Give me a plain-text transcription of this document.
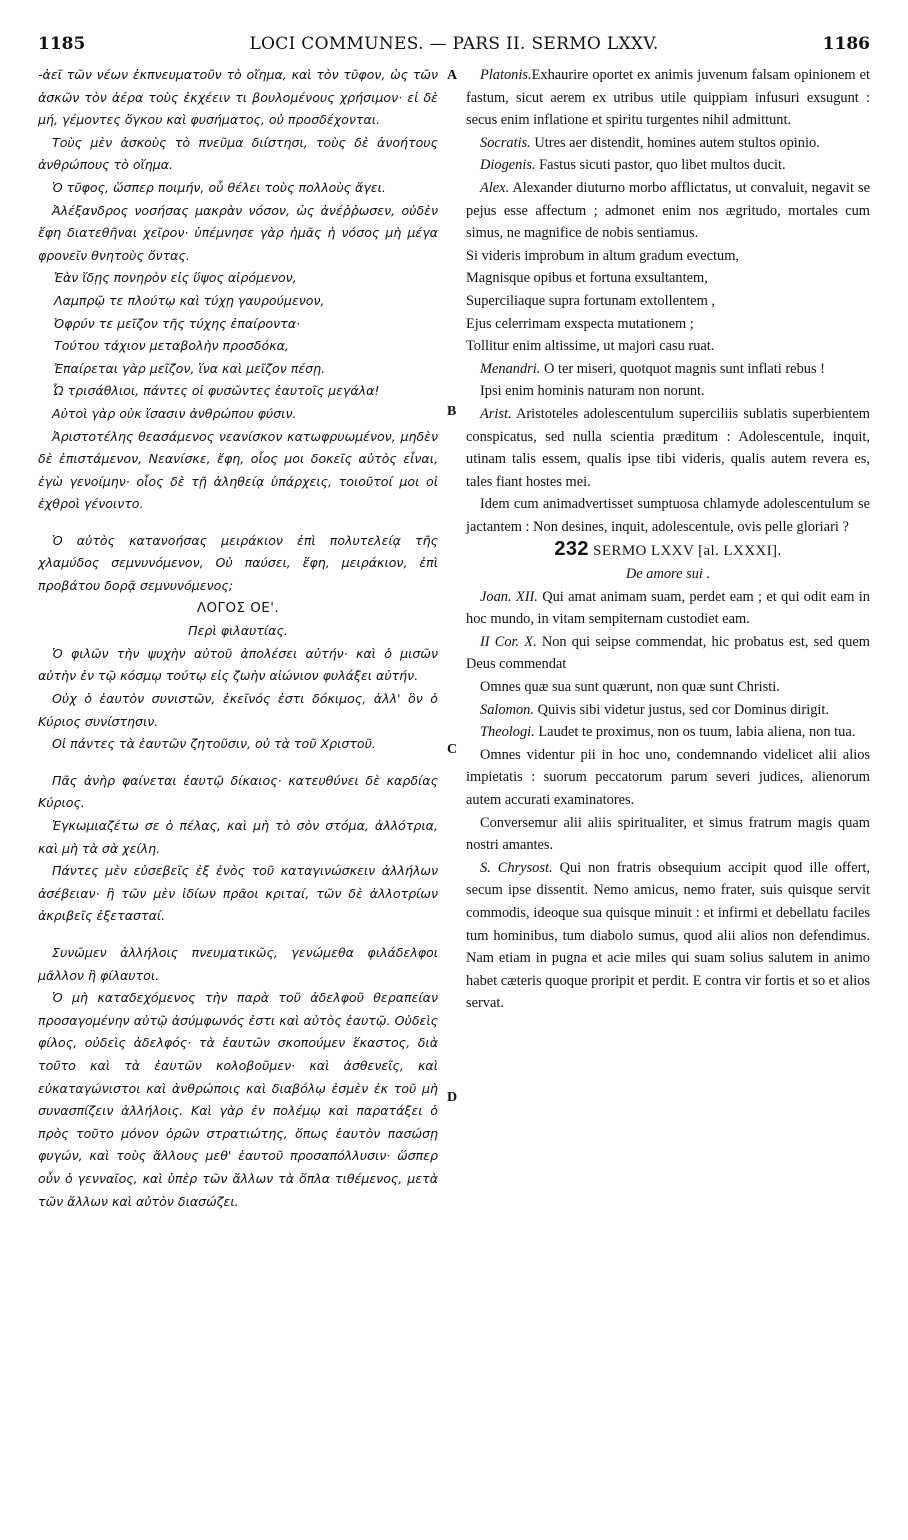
1185	LOCI COMMUNES. — PARS II. SERMO LXXV.	1186
A
B
C
D

-ἀεῖ τῶν νέων ἐκπνευματοῦν τὸ οἴημα, καὶ τὸν τῦφον, ὡς τῶν ἀσκῶν τὸν ἀέρα τοὺς ἐκχέειν τι βουλομένους χρήσιμον· εἰ δὲ μή, γέμοντες ὄγκου καὶ φυσήματος, οὐ προσδέχονται.

Τοὺς μὲν ἀσκοὺς τὸ πνεῦμα διίστησι, τοὺς δὲ ἀνοήτους ἀνθρώπους τὸ οἴημα.

Ὁ τῦφος, ὥσπερ ποιμήν, οὗ θέλει τοὺς πολλοὺς ἄγει.

Ἀλέξανδρος νοσήσας μακρὰν νόσον, ὡς ἀνέῤῥωσεν, οὐδὲν ἔφη διατεθῆναι χεῖρον· ὑπέμνησε γὰρ ἡμᾶς ἡ νόσος μὴ μέγα φρονεῖν θνητοὺς ὄντας.

Ἐὰν ἴδῃς πονηρὸν εἰς ὕψος αἰρόμενον,

Λαμπρῷ τε πλούτῳ καὶ τύχῃ γαυρούμενον,

Ὀφρύν τε μεῖζον τῆς τύχης ἐπαίροντα·

Τούτου τάχιον μεταβολὴν προσδόκα,

Ἐπαίρεται γὰρ μεῖζον, ἵνα καὶ μεῖζον πέσῃ.

Ὦ τρισάθλιοι, πάντες οἱ φυσῶντες ἑαυτοῖς μεγάλα!

Αὐτοὶ γὰρ οὐκ ἴσασιν ἀνθρώπου φύσιν.

Ἀριστοτέλης θεασάμενος νεανίσκον κατωφρυωμένον, μηδὲν δὲ ἐπιστάμενον, Νεανίσκε, ἔφη, οἷος μοι δοκεῖς αὐτὸς εἶναι, ἐγὼ γενοίμην· οἷος δὲ τῇ ἀληθείᾳ ὑπάρχεις, τοιοῦτοί μοι οἱ ἐχθροὶ γένοιντο.

Ὁ αὐτὸς κατανοήσας μειράκιον ἐπὶ πολυτελείᾳ τῆς χλαμύδος σεμνυνόμενον, Οὐ παύσει, ἔφη, μειράκιον, ἐπὶ προβάτου δορᾷ σεμνυνόμενος;

ΛΟΓΟΣ ΟΕ'.

Περὶ φιλαυτίας.

Ὁ φιλῶν τὴν ψυχὴν αὐτοῦ ἀπολέσει αὐτήν· καὶ ὁ μισῶν αὐτὴν ἐν τῷ κόσμῳ τούτῳ εἰς ζωὴν αἰώνιον φυλάξει αὐτήν.

Οὐχ ὁ ἑαυτὸν συνιστῶν, ἐκεῖνός ἐστι δόκιμος, ἀλλ' ὃν ὁ Κύριος συνίστησιν.

Οἱ πάντες τὰ ἑαυτῶν ζητοῦσιν, οὐ τὰ τοῦ Χριστοῦ.

Πᾶς ἀνὴρ φαίνεται ἑαυτῷ δίκαιος· κατευθύνει δὲ καρδίας Κύριος.

Ἐγκωμιαζέτω σε ὁ πέλας, καὶ μὴ τὸ σὸν στόμα, ἀλλότρια, καὶ μὴ τὰ σὰ χείλη.

Πάντες μὲν εὐσεβεῖς ἐξ ἑνὸς τοῦ καταγινώσκειν ἀλλήλων ἀσέβειαν· ἢ τῶν μὲν ἰδίων πρᾶοι κριταί, τῶν δὲ ἀλλοτρίων ἀκριβεῖς ἐξετασταί.

Συνῶμεν ἀλλήλοις πνευματικῶς, γενώμεθα φιλάδελφοι μᾶλλον ἢ φίλαυτοι.

Ὁ μὴ καταδεχόμενος τὴν παρὰ τοῦ ἀδελφοῦ θεραπείαν προσαγομένην αὐτῷ ἀσύμφωνός ἐστι καὶ αὐτὸς ἑαυτῷ. Οὐδεὶς φίλος, οὐδεὶς ἀδελφός· τὰ ἑαυτῶν σκοπούμεν ἕκαστος, διὰ τοῦτο καὶ τὰ ἑαυτῶν κολοβοῦμεν· καὶ ἀσθενεῖς, καὶ εὐκαταγώνιστοι καὶ ἀνθρώποις καὶ διαβόλῳ ἐσμὲν ἐκ τοῦ μὴ συνασπίζειν ἀλλήλοις. Καὶ γὰρ ἐν πολέμῳ καὶ παρατάξει ὁ πρὸς τοῦτο μόνον ὁρῶν στρατιώτης, ὅπως ἑαυτὸν πασώσῃ φυγών, καὶ τοὺς ἄλλους μεθ' ἑαυτοῦ προσαπόλλυσιν· ὥσπερ οὖν ὁ γενναῖος, καὶ ὑπὲρ τῶν ἄλλων τὰ ὅπλα τιθέμενος, μετὰ τῶν ἄλλων καὶ αὐτὸν διασώζει.

Platonis.Exhaurire oportet ex animis juvenum falsam opinionem et fastum, sicut aerem ex utribus utile quippiam infusuri exsugunt : secus enim inflatione et spiritu turgentes nihil admittunt.

Socratis. Utres aer distendit, homines autem stultos opinio.

Diogenis. Fastus sicuti pastor, quo libet multos ducit.

Alex. Alexander diuturno morbo afflictatus, ut convaluit, negavit se pejus esse affectum ; admonet enim nos ægritudo, mortales cum simus, ne magnifice de nobis sentiamus.

Si videris improbum in altum gradum evectum,

Magnisque opibus et fortuna exsultantem,

Superciliaque supra fortunam extollentem ,

Ejus celerrimam exspecta mutationem ;

Tollitur enim altissime, ut majori casu ruat.

Menandri. O ter miseri, quotquot magnis sunt inflati rebus !

Ipsi enim hominis naturam non norunt.

Arist. Aristoteles adolescentulum superciliis sublatis superbientem conspicatus, sed nulla scientia præditum : Adolescentule, inquit, utinam talis essem, qualis ipse tibi videris, qualis autem revera es, tales fiant hostes mei.

Idem cum animadvertisset sumptuosa chlamyde adolescentulum se jactantem : Non desines, inquit, adolescentule, ovis pelle gloriari ?

232 SERMO LXXV [al. LXXXI].

De amore sui .

Joan. XII. Qui amat animam suam, perdet eam ; et qui odit eam in hoc mundo, in vitam sempiternam custodiet eam.

II Cor. X. Non qui seipse commendat, hic probatus est, sed quem Deus commendat

Omnes quæ sua sunt quærunt, non quæ sunt Christi.

Salomon. Quivis sibi videtur justus, sed cor Dominus dirigit.

Theologi. Laudet te proximus, non os tuum, labia aliena, non tua.

Omnes videntur pii in hoc uno, condemnando videlicet alii alios impietatis : suorum peccatorum parum severi judices, alienorum autem accurati examinatores.

Conversemur alii aliis spiritualiter, et simus fratrum magis quam nostri amantes.

S. Chrysost. Qui non fratris obsequium accipit quod ille offert, secum ipse dissentit. Nemo amicus, nemo frater, suis quisque servit commodis, ideoque sua quisque minuit : et infirmi et debellatu faciles tum hominibus, tum diabolo sumus, quod alii alios non defendimus. Nam etiam in pugna et acie miles qui suam solius salutem in animo habet cæteris quoque proripit et perdit. E contra vir fortis et so et alios servat.
